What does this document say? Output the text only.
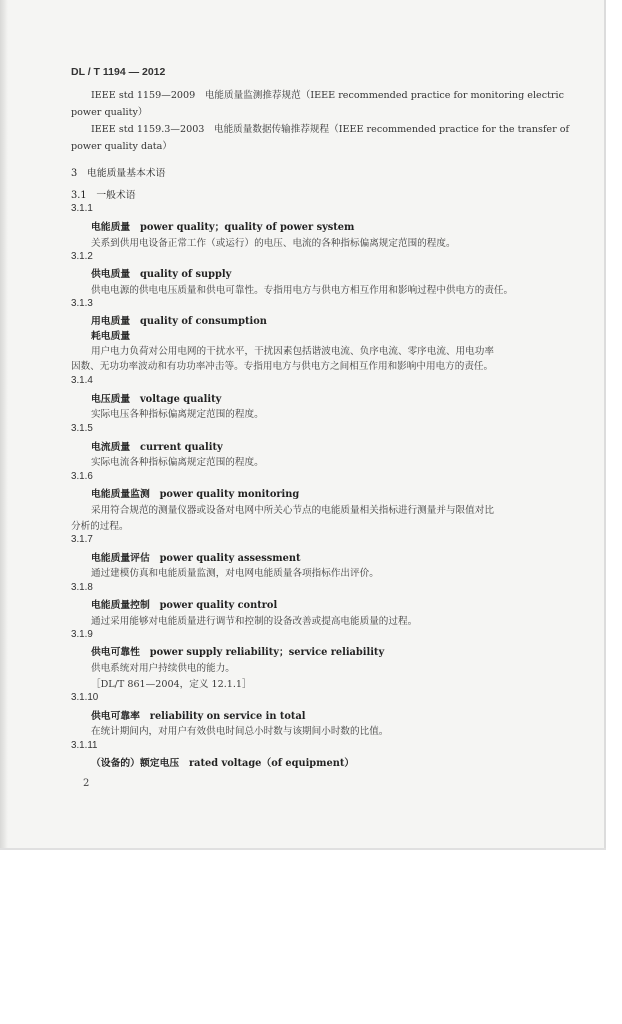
DL / T 1194 — 2012
IEEE std 1159—2009　电能质量监测推荐规范（IEEE recommended practice for monitoring electric
power quality）
IEEE std 1159.3—2003　电能质量数据传输推荐规程（IEEE recommended practice for the transfer of
power quality data）
3　电能质量基本术语
3.1　一般术语
3.1.1
电能质量　power quality；quality of power system
关系到供用电设备正常工作（或运行）的电压、电流的各种指标偏离规定范围的程度。
3.1.2
供电质量　quality of supply
供电电源的供电电压质量和供电可靠性。专指用电方与供电方相互作用和影响过程中供电方的责任。
3.1.3
用电质量　quality of consumption
耗电质量
用户电力负荷对公用电网的干扰水平，干扰因素包括谐波电流、负序电流、零序电流、用电功率
因数、无功功率波动和有功功率冲击等。专指用电方与供电方之间相互作用和影响中用电方的责任。
3.1.4
电压质量　voltage quality
实际电压各种指标偏离规定范围的程度。
3.1.5
电流质量　current quality
实际电流各种指标偏离规定范围的程度。
3.1.6
电能质量监测　power quality monitoring
采用符合规范的测量仪器或设备对电网中所关心节点的电能质量相关指标进行测量并与限值对比
分析的过程。
3.1.7
电能质量评估　power quality assessment
通过建模仿真和电能质量监测，对电网电能质量各项指标作出评价。
3.1.8
电能质量控制　power quality control
通过采用能够对电能质量进行调节和控制的设备改善或提高电能质量的过程。
3.1.9
供电可靠性　power supply reliability；service reliability
供电系统对用户持续供电的能力。
［DL/T 861—2004，定义 12.1.1］
3.1.10
供电可靠率　reliability on service in total
在统计期间内，对用户有效供电时间总小时数与该期间小时数的比值。
3.1.11
（设备的）额定电压　rated voltage（of equipment）
2
